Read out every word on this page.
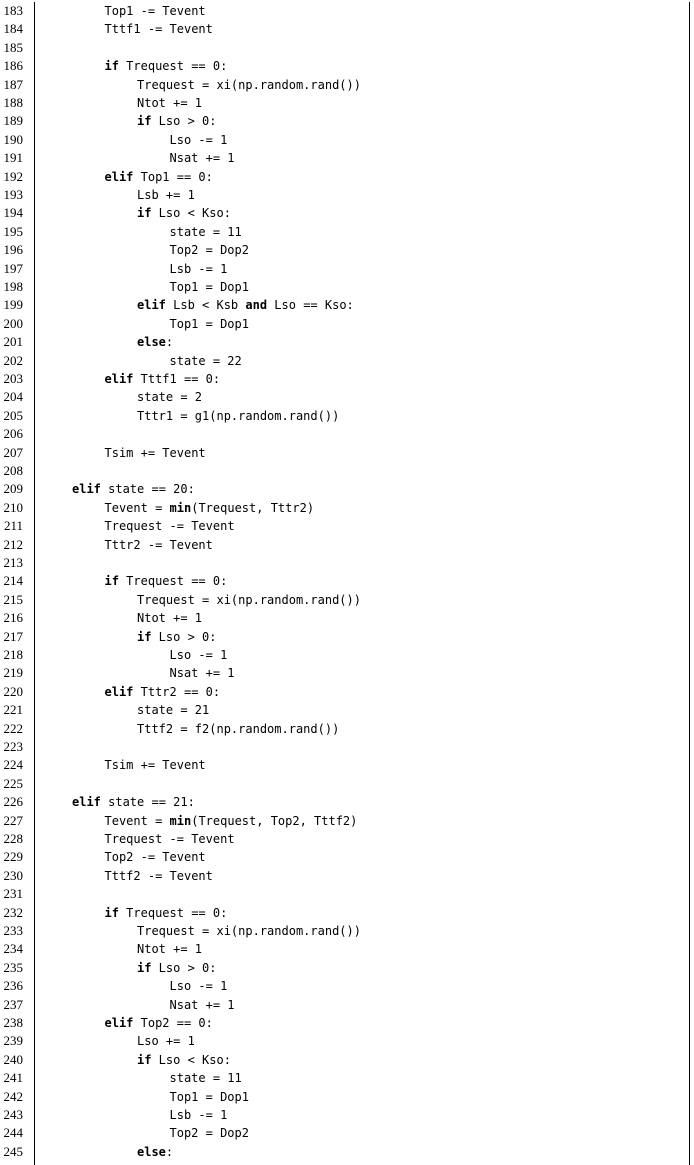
183	Top1 -= Tevent
184	Tttf1 -= Tevent
185
186	if Trequest == 0:
187	Trequest = xi(np.random.rand())
188	Ntot += 1
189	if Lso > 0:
190	Lso -= 1
191	Nsat += 1
192	elif Top1 == 0:
193	Lsb += 1
194	if Lso < Kso:
195	state = 11
196	Top2 = Dop2
197	Lsb -= 1
198	Top1 = Dop1
199	elif Lsb < Ksb and Lso == Kso:
200	Top1 = Dop1
201	else:
202	state = 22
203	elif Tttf1 == 0:
204	state = 2
205	Tttr1 = g1(np.random.rand())
206
207	Tsim += Tevent
208
209	elif state == 20:
210	Tevent = min(Trequest, Tttr2)
211	Trequest -= Tevent
212	Tttr2 -= Tevent
213
214	if Trequest == 0:
215	Trequest = xi(np.random.rand())
216	Ntot += 1
217	if Lso > 0:
218	Lso -= 1
219	Nsat += 1
220	elif Tttr2 == 0:
221	state = 21
222	Tttf2 = f2(np.random.rand())
223
224	Tsim += Tevent
225
226	elif state == 21:
227	Tevent = min(Trequest, Top2, Tttf2)
228	Trequest -= Tevent
229	Top2 -= Tevent
230	Tttf2 -= Tevent
231
232	if Trequest == 0:
233	Trequest = xi(np.random.rand())
234	Ntot += 1
235	if Lso > 0:
236	Lso -= 1
237	Nsat += 1
238	elif Top2 == 0:
239	Lso += 1
240	if Lso < Kso:
241	state = 11
242	Top1 = Dop1
243	Lsb -= 1
244	Top2 = Dop2
245	else:
